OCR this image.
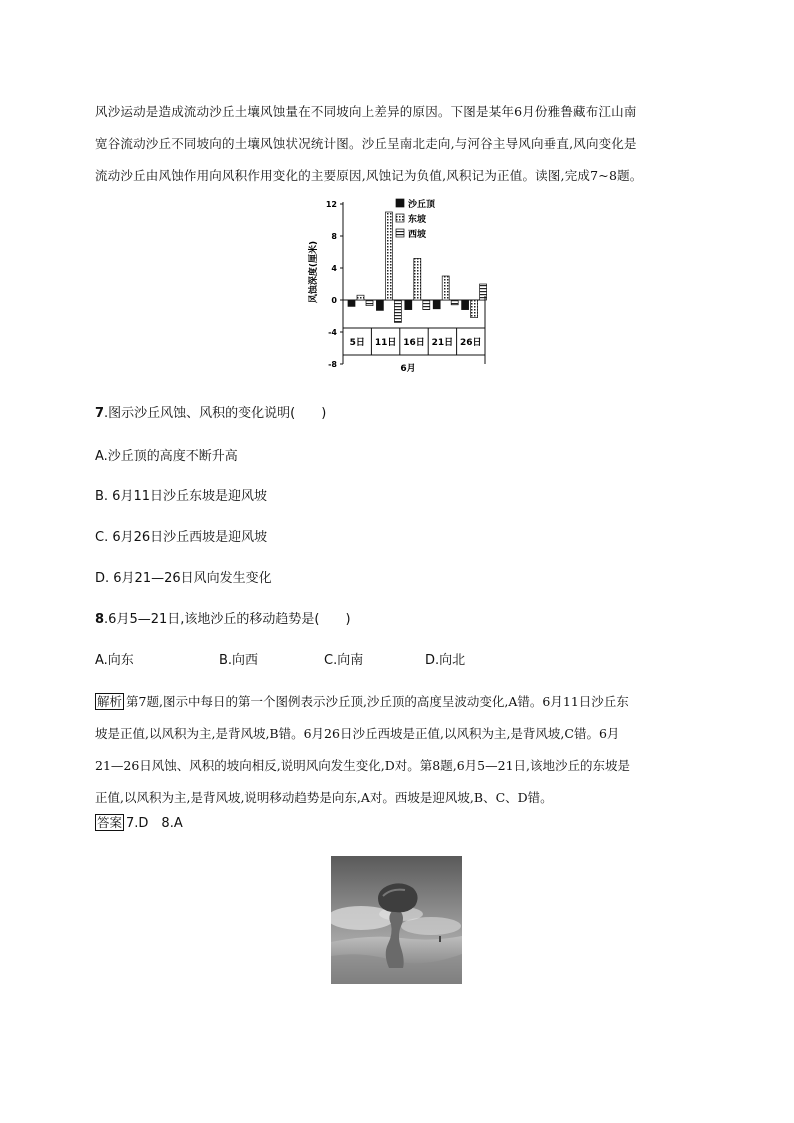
风沙运动是造成流动沙丘土壤风蚀量在不同坡向上差异的原因。下图是某年6月份雅鲁藏布江山南

宽谷流动沙丘不同坡向的土壤风蚀状况统计图。沙丘呈南北走向,与河谷主导风向垂直,风向变化是

流动沙丘由风蚀作用向风积作用变化的主要原因,风蚀记为负值,风积记为正值。读图,完成7~8题。

12
8
4
0
-4
-8
风蚀深度(厘米)
5日 11日 16日 21日 26日
6月
沙丘顶
东坡
西坡
7.图示沙丘风蚀、风积的变化说明(　　)
A.沙丘顶的高度不断升高
B. 6月11日沙丘东坡是迎风坡
C. 6月26日沙丘西坡是迎风坡
D. 6月21—26日风向发生变化
8.6月5—21日,该地沙丘的移动趋势是(　　)
A.向东	B.向西	C.向南	D.向北

解析 第7题,图示中每日的第一个图例表示沙丘顶,沙丘顶的高度呈波动变化,A错。6月11日沙丘东

坡是正值,以风积为主,是背风坡,B错。6月26日沙丘西坡是正值,以风积为主,是背风坡,C错。6月

21—26日风蚀、风积的坡向相反,说明风向发生变化,D对。第8题,6月5—21日,该地沙丘的东坡是

正值,以风积为主,是背风坡,说明移动趋势是向东,A对。西坡是迎风坡,B、C、D错。

答案 7.D　8.A
